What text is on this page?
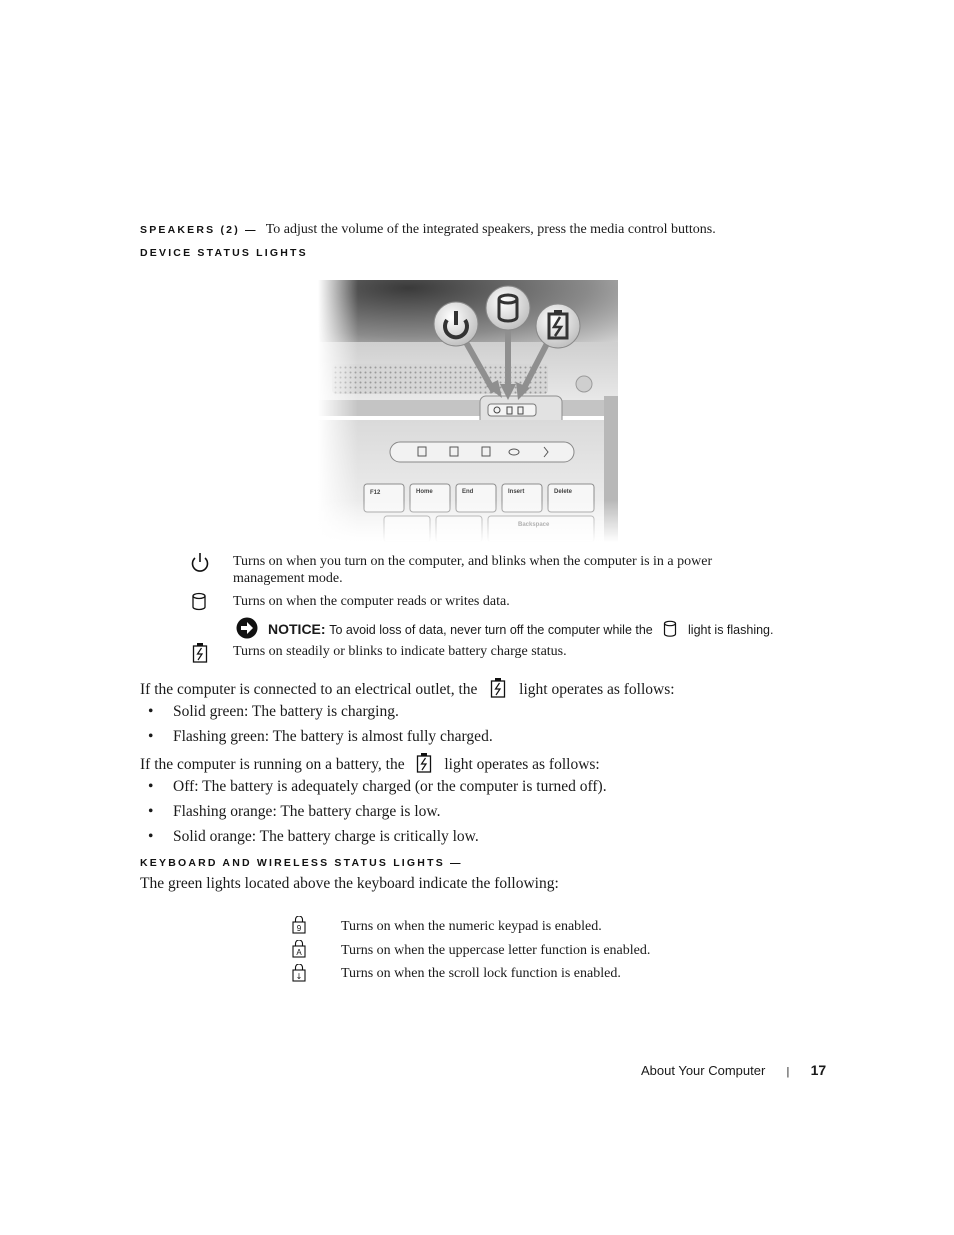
SPEAKERS (2) — To adjust the volume of the integrated speakers, press the media control buttons.
DEVICE STATUS LIGHTS
F12	Home	End	Insert	Delete
Turns on when you turn on the computer, and blinks when the computer is in a power management mode.
Turns on when the computer reads or writes data.
NOTICE: To avoid loss of data, never turn off the computer while the	light is flashing.
Turns on steadily or blinks to indicate battery charge status.
If the computer is connected to an electrical outlet, the	light operates as follows:
• Solid green: The battery is charging.
• Flashing green: The battery is almost fully charged.
If the computer is running on a battery, the	light operates as follows:
• Off: The battery is adequately charged (or the computer is turned off).
• Flashing orange: The battery charge is low.
• Solid orange: The battery charge is critically low.
KEYBOARD AND WIRELESS STATUS LIGHTS —
The green lights located above the keyboard indicate the following:
9	Turns on when the numeric keypad is enabled.
A	Turns on when the uppercase letter function is enabled.
↓	Turns on when the scroll lock function is enabled.
About Your Computer | 17
